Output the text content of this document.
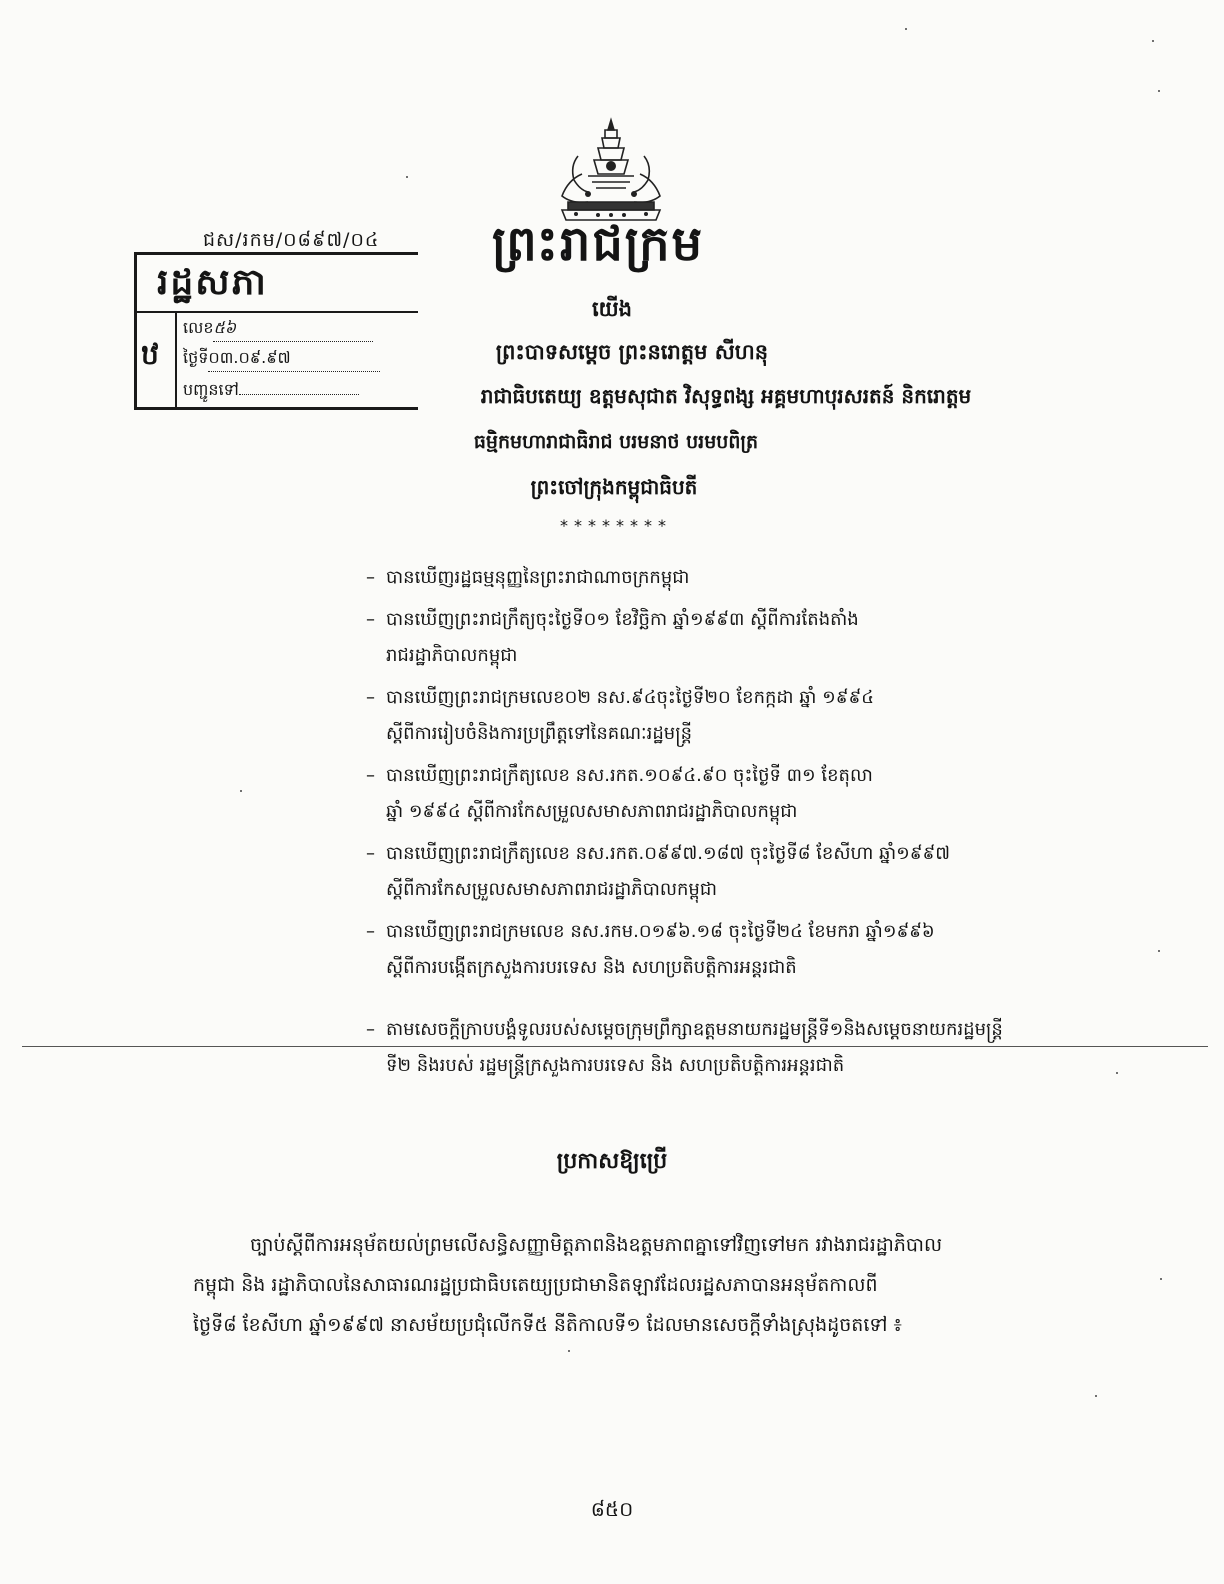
ជស/រកម/០៨៩៧/០៤
រដ្ឋសភា
ឋ
លេខ៥៦
ថ្ងៃទី០៣.០៩.៩៧
បញ្ជូនទៅ
ព្រះរាជក្រម
យើង
ព្រះបាទសម្តេច ព្រះនរោត្តម សីហនុ
រាជាធិបតេយ្យ ឧត្តមសុជាត វិសុទ្ធពង្ស អគ្គមហាបុរសរតន៍ និករោត្តម
ធម្មិកមហារាជាធិរាជ បរមនាថ បរមបពិត្រ
ព្រះចៅក្រុងកម្ពុជាធិបតី
********
– បានឃើញរដ្ឋធម្មនុញ្ញនៃព្រះរាជាណាចក្រកម្ពុជា
– បានឃើញព្រះរាជក្រឹត្យចុះថ្ងៃទី០១ ខែវិច្ឆិកា ឆ្នាំ១៩៩៣ ស្តីពីការតែងតាំង
រាជរដ្ឋាភិបាលកម្ពុជា
– បានឃើញព្រះរាជក្រមលេខ០២ នស.៩៤ចុះថ្ងៃទី២០ ខែកក្កដា ឆ្នាំ ១៩៩៤
ស្តីពីការរៀបចំនិងការប្រព្រឹត្តទៅនៃគណៈរដ្ឋមន្ត្រី
– បានឃើញព្រះរាជក្រឹត្យលេខ នស.រកត.១០៩៤.៩០ ចុះថ្ងៃទី ៣១ ខែតុលា
ឆ្នាំ ១៩៩៤ ស្តីពីការកែសម្រួលសមាសភាពរាជរដ្ឋាភិបាលកម្ពុជា
– បានឃើញព្រះរាជក្រឹត្យលេខ នស.រកត.០៩៩៧.១៨៧ ចុះថ្ងៃទី៨ ខែសីហា ឆ្នាំ១៩៩៧
ស្តីពីការកែសម្រួលសមាសភាពរាជរដ្ឋាភិបាលកម្ពុជា
– បានឃើញព្រះរាជក្រមលេខ នស.រកម.០១៩៦.១៨ ចុះថ្ងៃទី២៤ ខែមករា ឆ្នាំ១៩៩៦
ស្តីពីការបង្កើតក្រសួងការបរទេស និង សហប្រតិបត្តិការអន្តរជាតិ
– តាមសេចក្តីក្រាបបង្គំទូលរបស់សម្តេចក្រុមព្រឹក្សាឧត្តមនាយករដ្ឋមន្ត្រីទី១និងសម្តេចនាយករដ្ឋមន្ត្រី
ទី២ និងរបស់ រដ្ឋមន្ត្រីក្រសួងការបរទេស និង សហប្រតិបត្តិការអន្តរជាតិ
ប្រកាសឱ្យប្រើ
ច្បាប់ស្តីពីការអនុម័តយល់ព្រមលើសន្ធិសញ្ញាមិត្តភាពនិងឧត្តមភាពគ្នាទៅវិញទៅមក រវាងរាជរដ្ឋាភិបាល
កម្ពុជា និង រដ្ឋាភិបាលនៃសាធារណរដ្ឋប្រជាធិបតេយ្យប្រជាមានិតឡាវដែលរដ្ឋសភាបានអនុម័តកាលពី
ថ្ងៃទី៨ ខែសីហា ឆ្នាំ១៩៩៧ នាសម័យប្រជុំលើកទី៥ នីតិកាលទី១ ដែលមានសេចក្តីទាំងស្រុងដូចតទៅ ៖
៨៥០
